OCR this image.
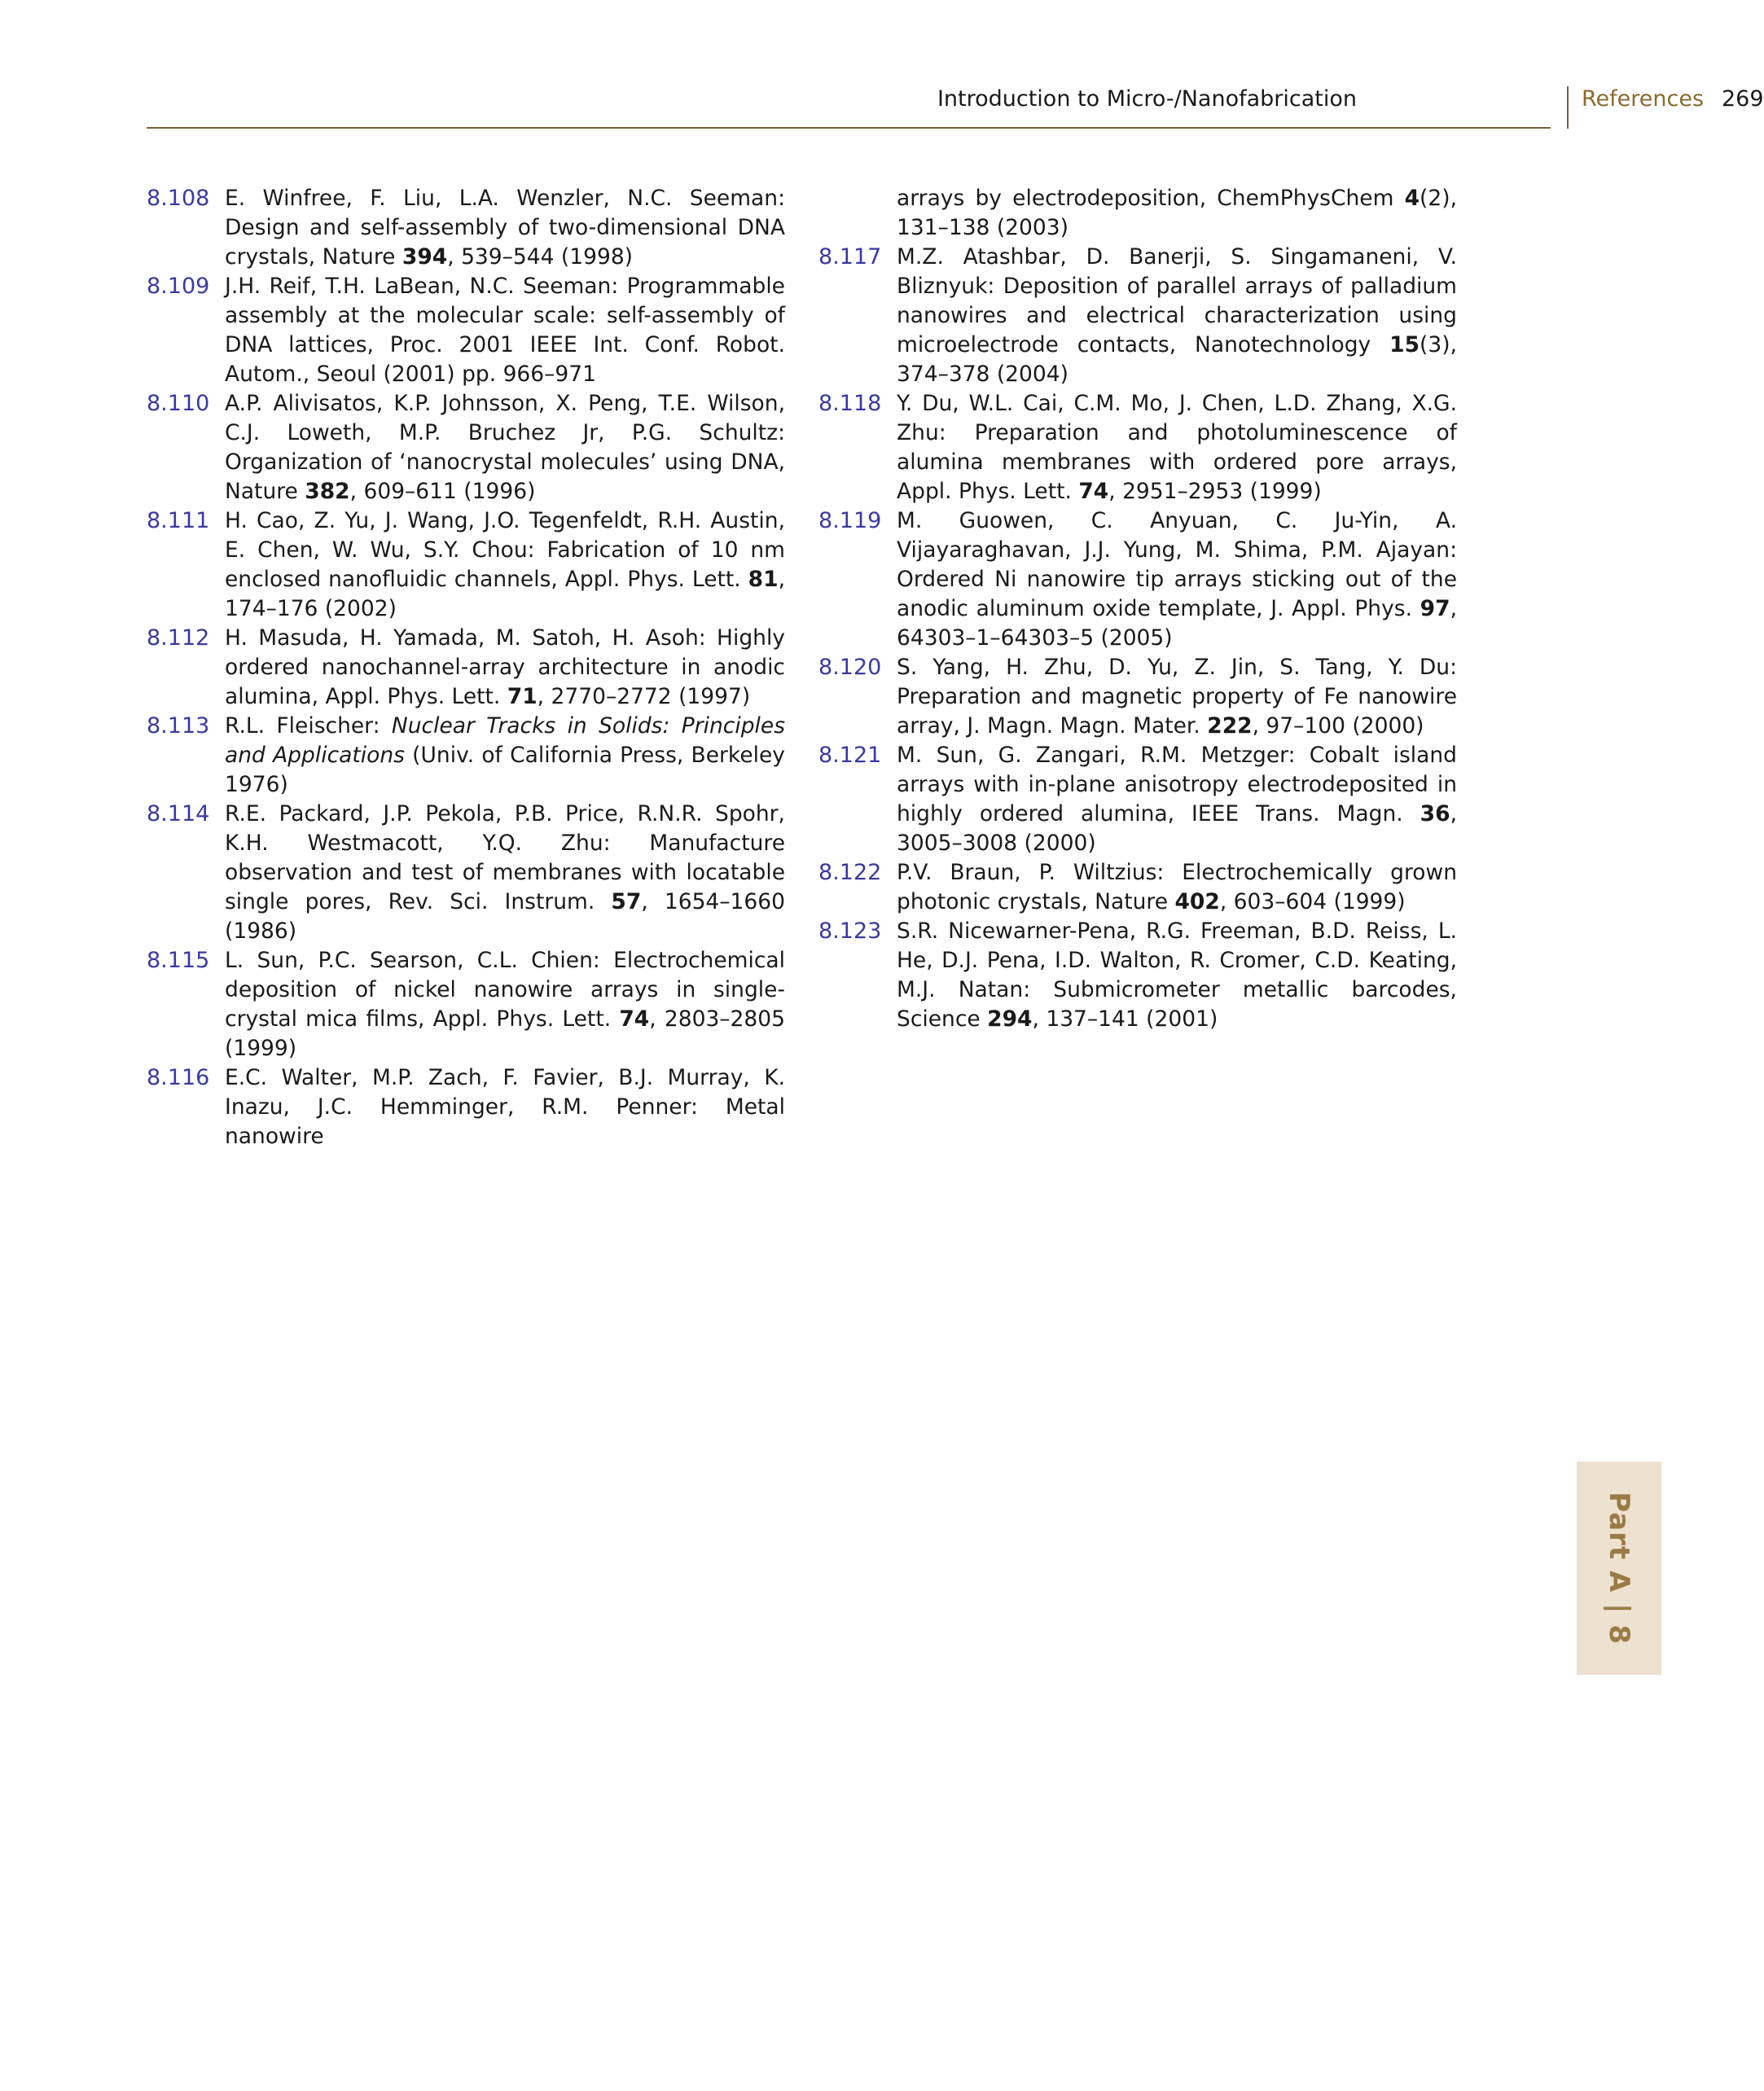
Introduction to Micro-/Nanofabrication	References 269
8.108 E. Winfree, F. Liu, L.A. Wenzler, N.C. Seeman: Design and self-assembly of two-dimensional DNA crystals, Nature 394, 539–544 (1998)
8.109 J.H. Reif, T.H. LaBean, N.C. Seeman: Programmable assembly at the molecular scale: self-assembly of DNA lattices, Proc. 2001 IEEE Int. Conf. Robot. Autom., Seoul (2001) pp. 966–971
8.110 A.P. Alivisatos, K.P. Johnsson, X. Peng, T.E. Wilson, C.J. Loweth, M.P. Bruchez Jr, P.G. Schultz: Organization of ‘nanocrystal molecules’ using DNA, Nature 382, 609–611 (1996)
8.111 H. Cao, Z. Yu, J. Wang, J.O. Tegenfeldt, R.H. Austin, E. Chen, W. Wu, S.Y. Chou: Fabrication of 10 nm enclosed nanofluidic channels, Appl. Phys. Lett. 81, 174–176 (2002)
8.112 H. Masuda, H. Yamada, M. Satoh, H. Asoh: Highly ordered nanochannel-array architecture in anodic alumina, Appl. Phys. Lett. 71, 2770–2772 (1997)
8.113 R.L. Fleischer: Nuclear Tracks in Solids: Principles and Applications (Univ. of California Press, Berkeley 1976)
8.114 R.E. Packard, J.P. Pekola, P.B. Price, R.N.R. Spohr, K.H. Westmacott, Y.Q. Zhu: Manufacture observation and test of membranes with locatable single pores, Rev. Sci. Instrum. 57, 1654–1660 (1986)
8.115 L. Sun, P.C. Searson, C.L. Chien: Electrochemical deposition of nickel nanowire arrays in single-crystal mica films, Appl. Phys. Lett. 74, 2803–2805 (1999)
8.116 E.C. Walter, M.P. Zach, F. Favier, B.J. Murray, K. Inazu, J.C. Hemminger, R.M. Penner: Metal nanowire
arrays by electrodeposition, ChemPhysChem 4(2), 131–138 (2003)
8.117 M.Z. Atashbar, D. Banerji, S. Singamaneni, V. Bliznyuk: Deposition of parallel arrays of palladium nanowires and electrical characterization using microelectrode contacts, Nanotechnology 15(3), 374–378 (2004)
8.118 Y. Du, W.L. Cai, C.M. Mo, J. Chen, L.D. Zhang, X.G. Zhu: Preparation and photoluminescence of alumina membranes with ordered pore arrays, Appl. Phys. Lett. 74, 2951–2953 (1999)
8.119 M. Guowen, C. Anyuan, C. Ju-Yin, A. Vijayaraghavan, J.J. Yung, M. Shima, P.M. Ajayan: Ordered Ni nanowire tip arrays sticking out of the anodic aluminum oxide template, J. Appl. Phys. 97, 64303–1–64303–5 (2005)
8.120 S. Yang, H. Zhu, D. Yu, Z. Jin, S. Tang, Y. Du: Preparation and magnetic property of Fe nanowire array, J. Magn. Magn. Mater. 222, 97–100 (2000)
8.121 M. Sun, G. Zangari, R.M. Metzger: Cobalt island arrays with in-plane anisotropy electrodeposited in highly ordered alumina, IEEE Trans. Magn. 36, 3005–3008 (2000)
8.122 P.V. Braun, P. Wiltzius: Electrochemically grown photonic crystals, Nature 402, 603–604 (1999)
8.123 S.R. Nicewarner-Pena, R.G. Freeman, B.D. Reiss, L. He, D.J. Pena, I.D. Walton, R. Cromer, C.D. Keating, M.J. Natan: Submicrometer metallic barcodes, Science 294, 137–141 (2001)
Part A | 8
